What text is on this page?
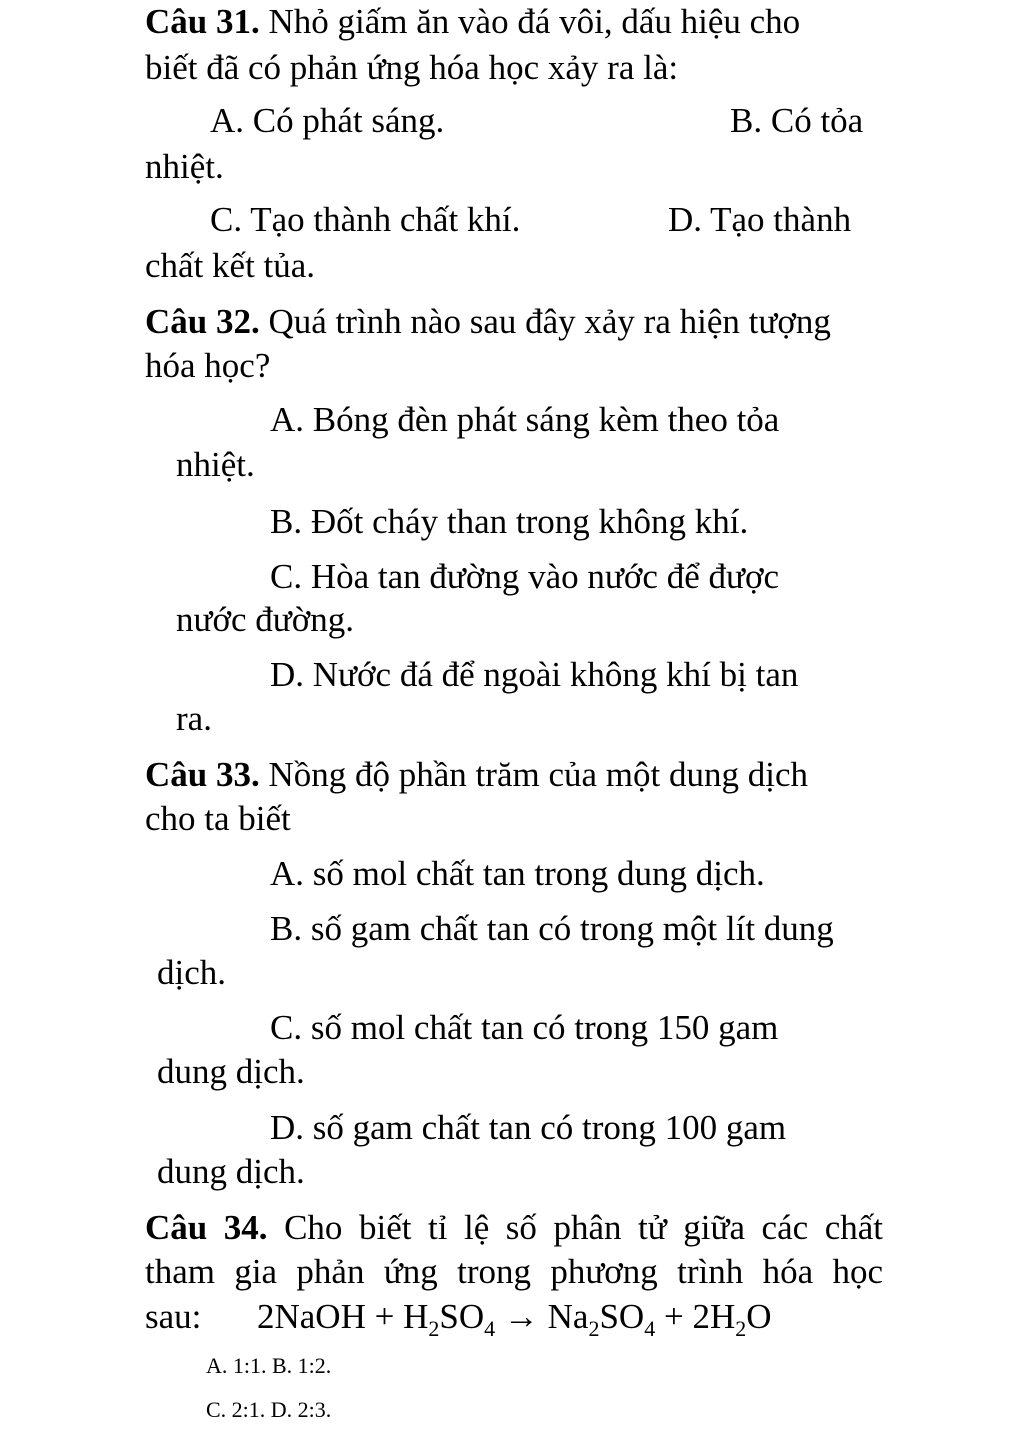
Câu 31. Nhỏ giấm ăn vào đá vôi, dấu hiệu cho
biết đã có phản ứng hóa học xảy ra là:
A. Có phát sáng.	B. Có tỏa
nhiệt.
C. Tạo thành chất khí.	D. Tạo thành
chất kết tủa.
Câu 32. Quá trình nào sau đây xảy ra hiện tượng
hóa học?
A. Bóng đèn phát sáng kèm theo tỏa
nhiệt.
B. Đốt cháy than trong không khí.
C. Hòa tan đường vào nước để được
nước đường.
D. Nước đá để ngoài không khí bị tan
ra.
Câu 33. Nồng độ phần trăm của một dung dịch
cho ta biết
A. số mol chất tan trong dung dịch.
B. số gam chất tan có trong một lít dung
dịch.
C. số mol chất tan có trong 150 gam
dung dịch.
D. số gam chất tan có trong 100 gam
dung dịch.
Câu 34. Cho biết tỉ lệ số phân tử giữa các chất
tham gia phản ứng trong phương trình hóa học
sau: 2NaOH + $H_2SO_4 \to Na_2SO_4 + 2H_2O$
A. 1:1. B. 1:2.
C. 2:1. D. 2:3.
